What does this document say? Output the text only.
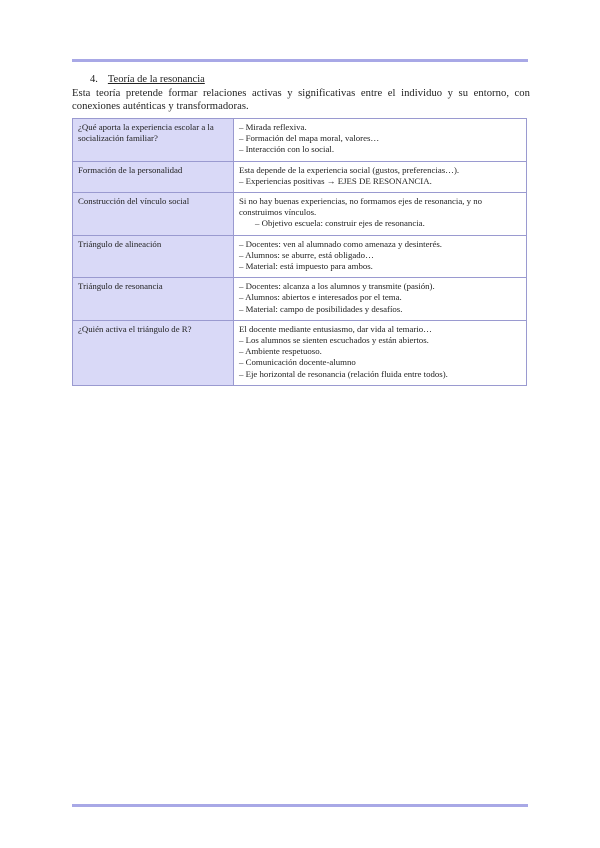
4. Teoría de la resonancia
Esta teoría pretende formar relaciones activas y significativas entre el individuo y su entorno, con conexiones auténticas y transformadoras.
¿Qué aporta la experiencia escolar a la socialización familiar?	– Mirada reflexiva.
– Formación del mapa moral, valores…
– Interacción con lo social.

Formación de la personalidad	Esta depende de la experiencia social (gustos, preferencias…).
– Experiencias positivas → EJES DE RESONANCIA.

Construcción del vínculo social	Si no hay buenas experiencias, no formamos ejes de resonancia, y no construimos vínculos.
– Objetivo escuela: construir ejes de resonancia.

Triángulo de alineación	– Docentes: ven al alumnado como amenaza y desinterés.
– Alumnos: se aburre, está obligado…
– Material: está impuesto para ambos.

Triángulo de resonancia	– Docentes: alcanza a los alumnos y transmite (pasión).
– Alumnos: abiertos e interesados por el tema.
– Material: campo de posibilidades y desafíos.

¿Quién activa el triángulo de R?	El docente mediante entusiasmo, dar vida al temario…
– Los alumnos se sienten escuchados y están abiertos.
– Ambiente respetuoso.
– Comunicación docente-alumno
– Eje horizontal de resonancia (relación fluida entre todos).
